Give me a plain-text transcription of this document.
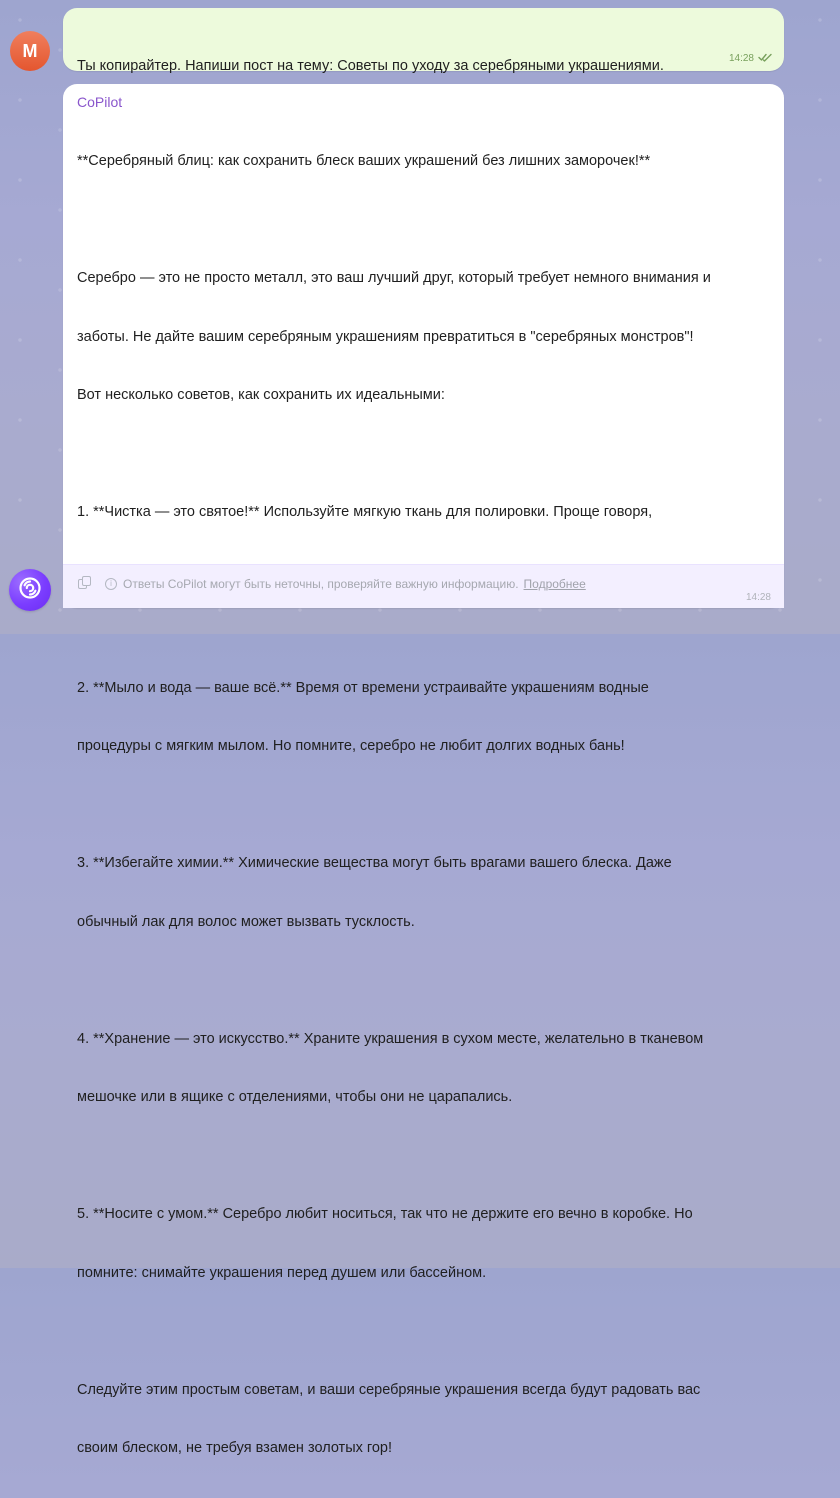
M

Ты копирайтер. Напиши пост на тему: Советы по уходу за серебряными украшениями.

	14:28
CoPilot

**Серебряный блиц: как сохранить блеск ваших украшений без лишних заморочек!**

Серебро — это не просто металл, это ваш лучший друг, который требует немного внимания и

заботы. Не дайте вашим серебряным украшениям превратиться в "серебряных монстров"!

Вот несколько советов, как сохранить их идеальными:

1. **Чистка — это святое!** Используйте мягкую ткань для полировки. Проще говоря,

2. **Мыло и вода — ваше всё.** Время от времени устраивайте украшениям водные

процедуры с мягким мылом. Но помните, серебро не любит долгих водных бань!

3. **Избегайте химии.** Химические вещества могут быть врагами вашего блеска. Даже

обычный лак для волос может вызвать тусклость.

4. **Хранение — это искусство.** Храните украшения в сухом месте, желательно в тканевом

мешочке или в ящике с отделениями, чтобы они не царапались.

5. **Носите с умом.** Серебро любит носиться, так что не держите его вечно в коробке. Но

помните: снимайте украшения перед душем или бассейном.

Следуйте этим простым советам, и ваши серебряные украшения всегда будут радовать вас

своим блеском, не требуя взамен золотых гор!

i Ответы CoPilot могут быть неточны, проверяйте важную информацию. Подробнее
14:28
